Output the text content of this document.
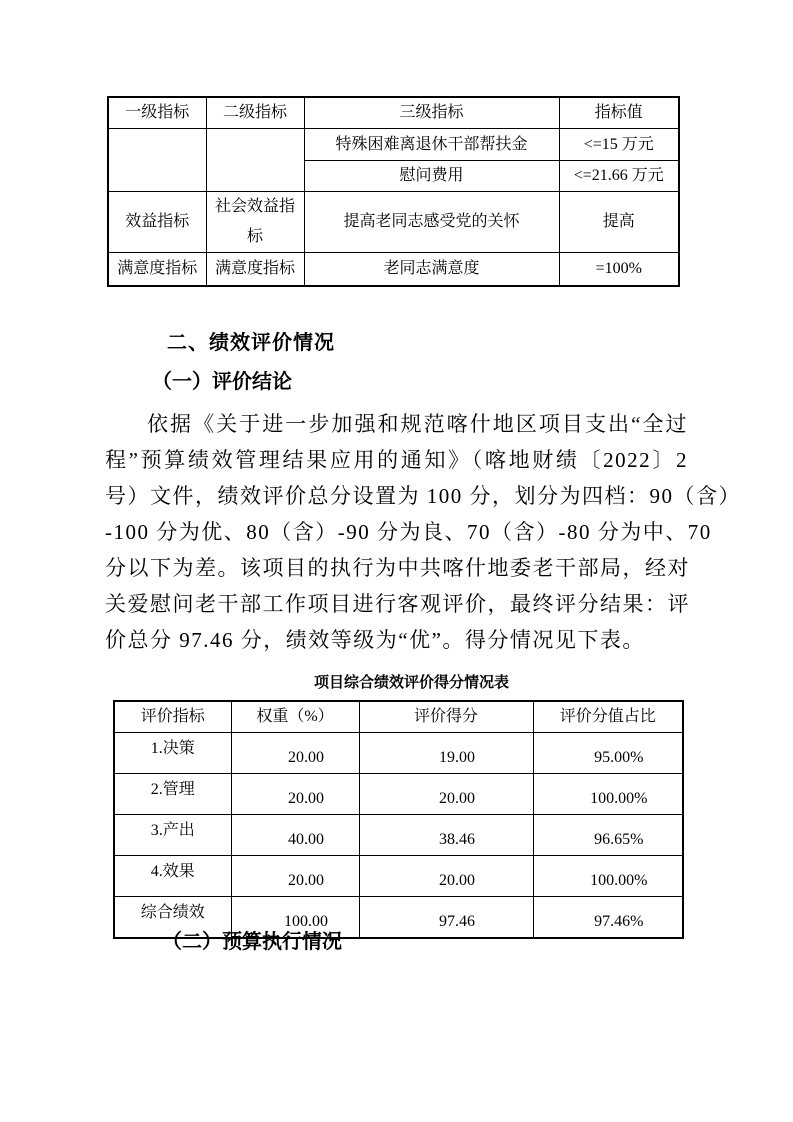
一级指标	二级指标	三级指标	指标值
		特殊困难离退休干部帮扶金	<=15 万元
		慰问费用	<=21.66 万元
效益指标	社会效益指标	提高老同志感受党的关怀	提高
满意度指标	满意度指标	老同志满意度	=100%
二、绩效评价情况
（一）评价结论
依据《关于进一步加强和规范喀什地区项目支出“全过
程”预算绩效管理结果应用的通知》（喀地财绩〔2022〕2
号）文件，绩效评价总分设置为 100 分，划分为四档：90（含）
-100 分为优、80（含）-90 分为良、70（含）-80 分为中、70
分以下为差。该项目的执行为中共喀什地委老干部局，经对
关爱慰问老干部工作项目进行客观评价，最终评分结果：评
价总分 97.46 分，绩效等级为“优”。得分情况见下表。
项目综合绩效评价得分情况表
评价指标	权重（%）	评价得分	评价分值占比
1.决策	20.00	19.00	95.00%
2.管理	20.00	20.00	100.00%
3.产出	40.00	38.46	96.65%
4.效果	20.00	20.00	100.00%
综合绩效	100.00	97.46	97.46%
（二）预算执行情况
